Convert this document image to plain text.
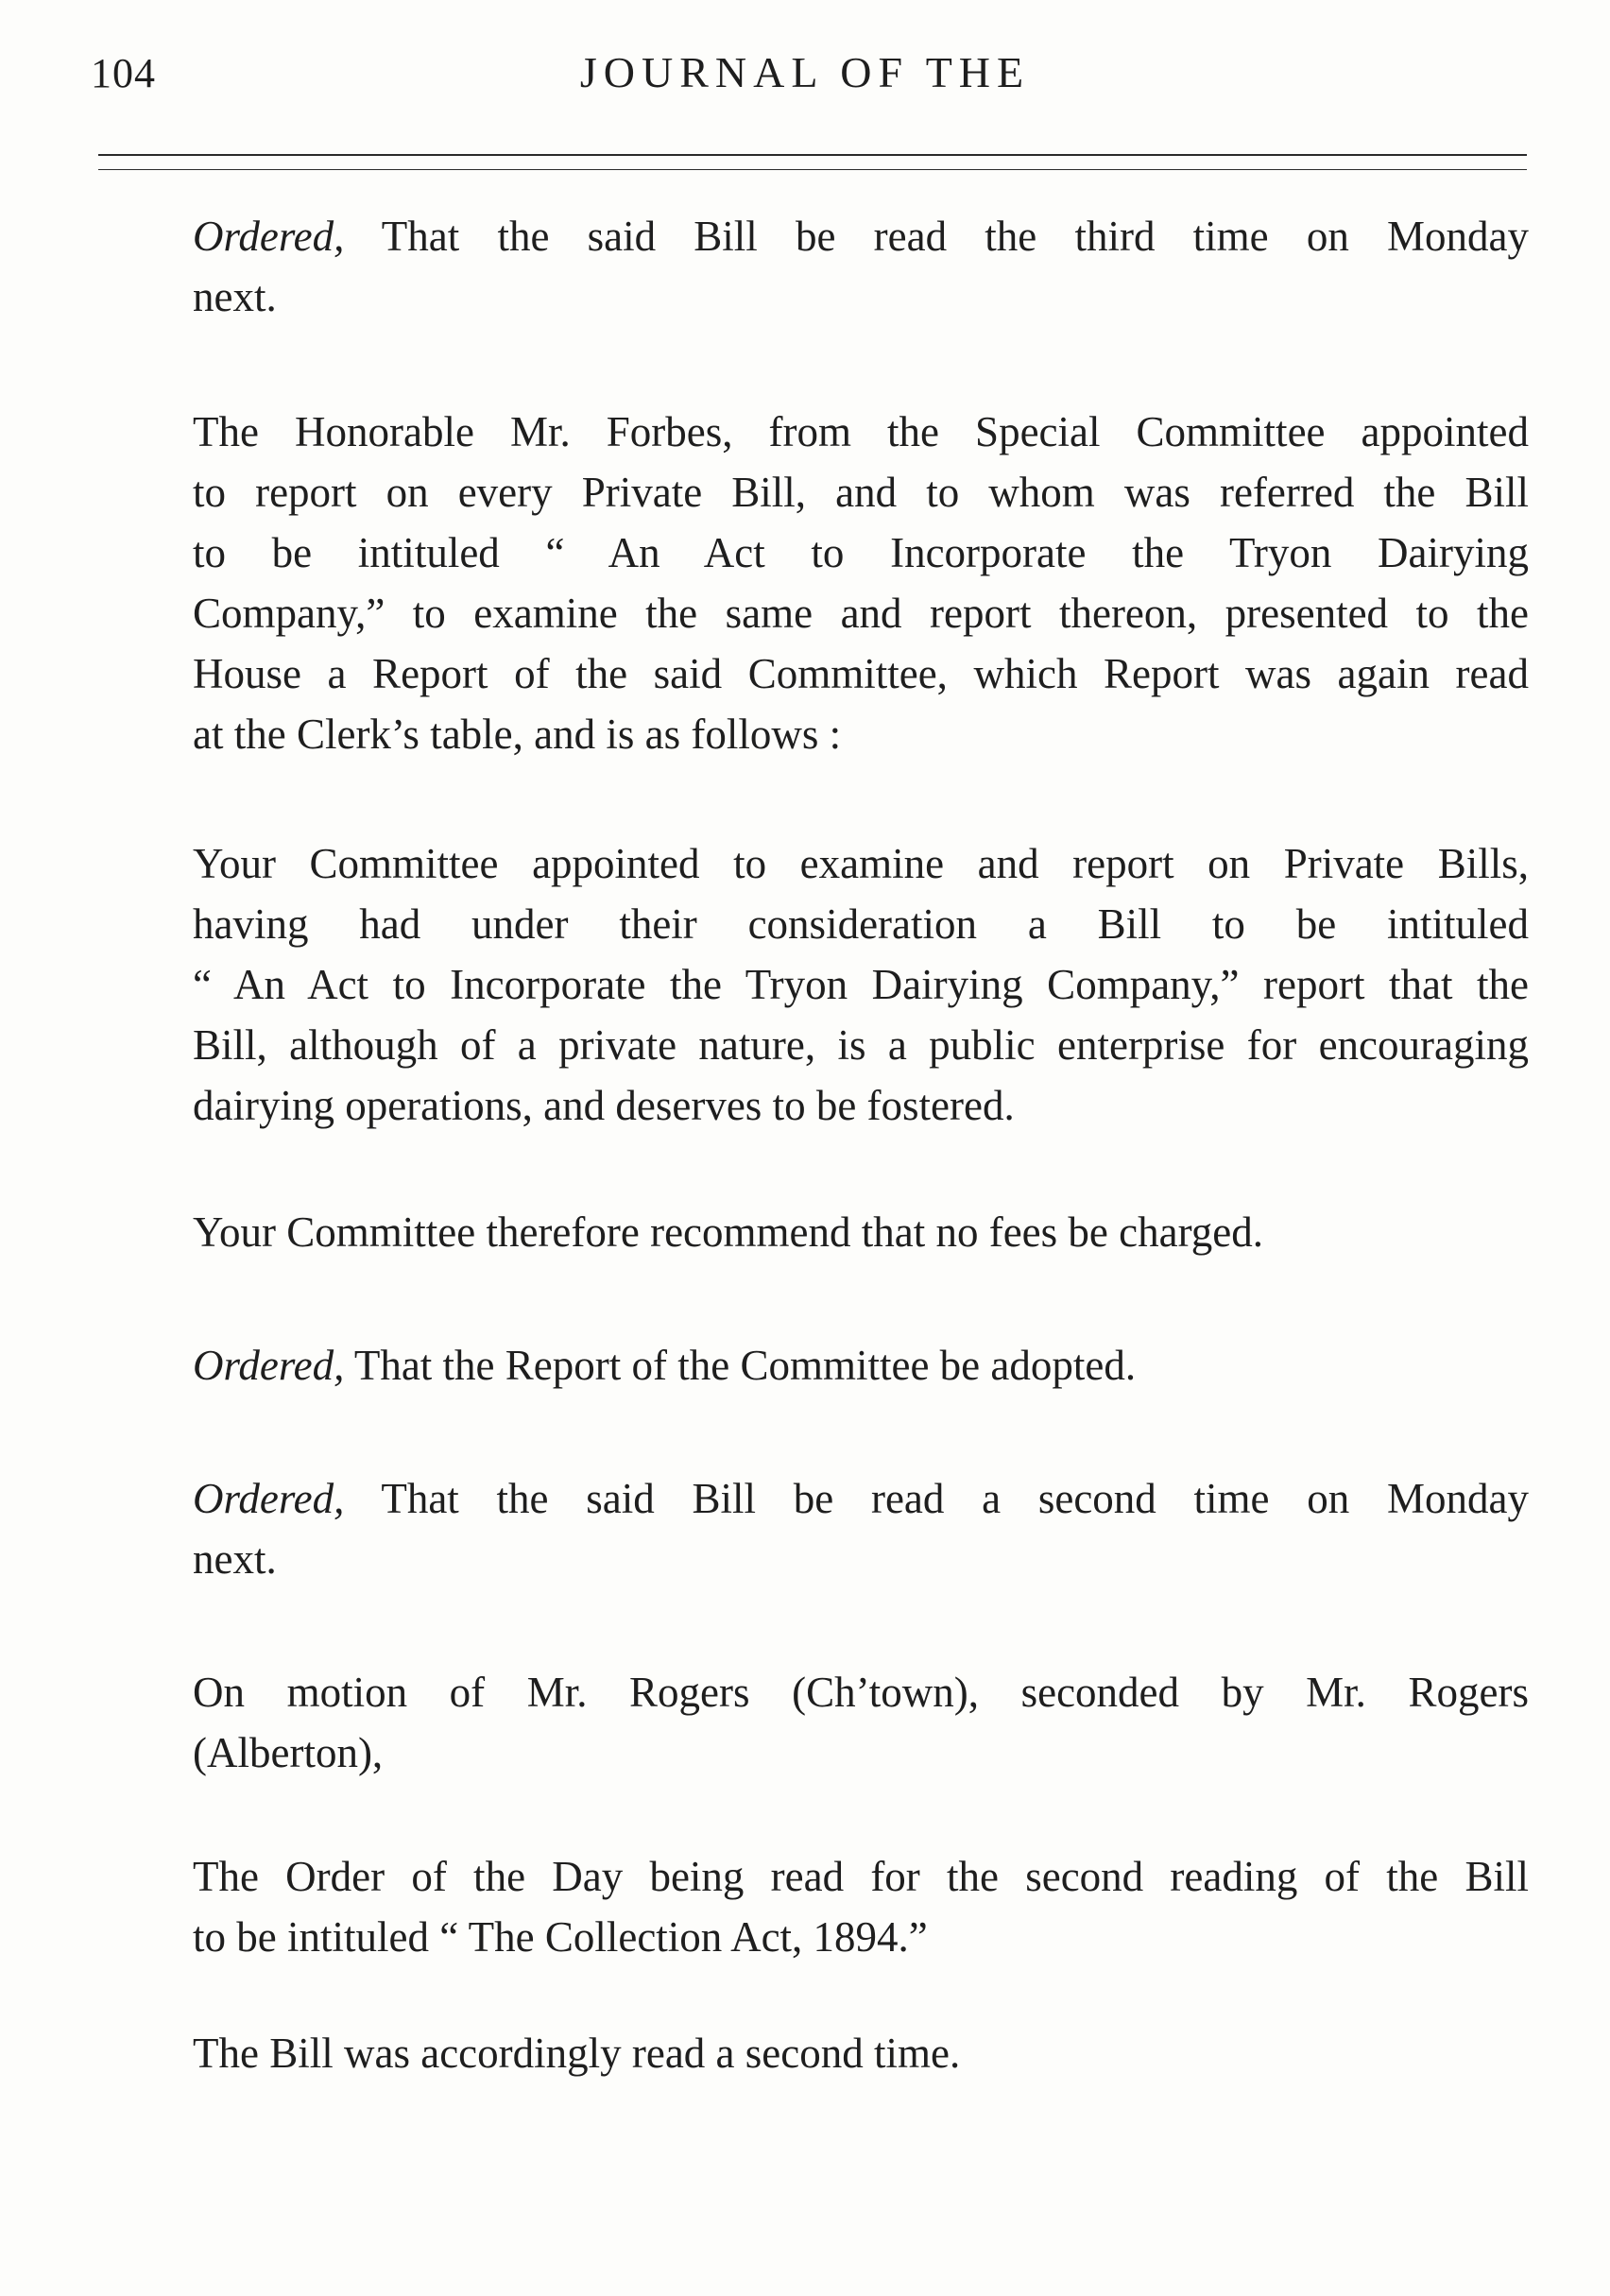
104	JOURNAL OF THE
Ordered, That the said Bill be read the third time on Monday
next.
The Honorable Mr. Forbes, from the Special Committee appointed
to report on every Private Bill, and to whom was referred the Bill
to be intituled “ An Act to Incorporate the Tryon Dairying
Company,” to examine the same and report thereon, presented to the
House a Report of the said Committee, which Report was again read
at the Clerk’s table, and is as follows :
Your Committee appointed to examine and report on Private Bills,
having had under their consideration a Bill to be intituled
“ An Act to Incorporate the Tryon Dairying Company,” report that the
Bill, although of a private nature, is a public enterprise for encouraging
dairying operations, and deserves to be fostered.
Your Committee therefore recommend that no fees be charged.
Ordered, That the Report of the Committee be adopted.
Ordered, That the said Bill be read a second time on Monday
next.
On motion of Mr. Rogers (Ch’town), seconded by Mr. Rogers
(Alberton),
The Order of the Day being read for the second reading of the Bill
to be intituled “ The Collection Act, 1894.”
The Bill was accordingly read a second time.
